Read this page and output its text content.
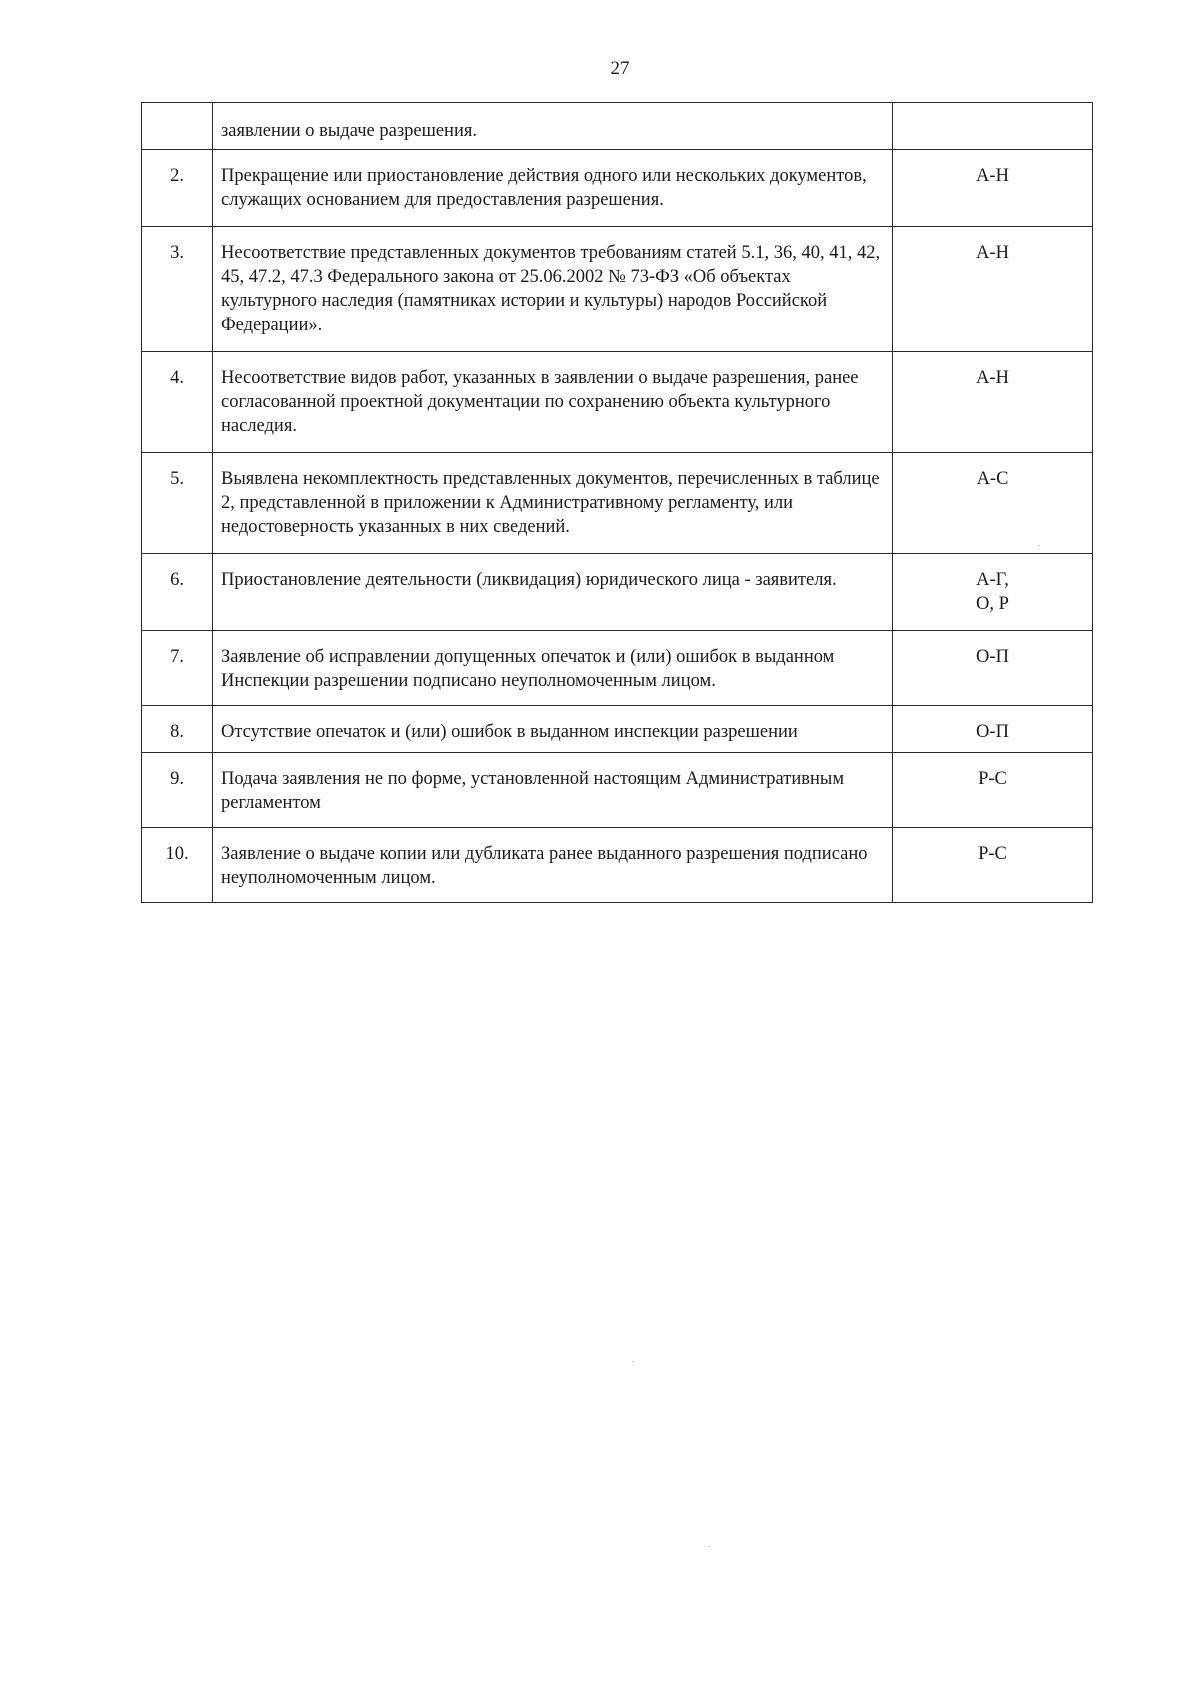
27
	заявлении о выдаче разрешения.	
2.	Прекращение или приостановление действия одного или нескольких документов, служащих основанием для предоставления разрешения.	А-Н
3.	Несоответствие представленных документов требованиям статей 5.1, 36, 40, 41, 42, 45, 47.2, 47.3 Федерального закона от 25.06.2002 № 73-ФЗ «Об объектах культурного наследия (памятниках истории и культуры) народов Российской Федерации».	А-Н
4.	Несоответствие видов работ, указанных в заявлении о выдаче разрешения, ранее согласованной проектной документации по сохранению объекта культурного наследия.	А-Н
5.	Выявлена некомплектность представленных документов, перечисленных в таблице 2, представленной в приложении к Административному регламенту, или недостоверность указанных в них сведений.	А-С
6.	Приостановление деятельности (ликвидация) юридического лица - заявителя.	А-Г,
О, Р
7.	Заявление об исправлении допущенных опечаток и (или) ошибок в выданном Инспекции разрешении подписано неуполномоченным лицом.	О-П
8.	Отсутствие опечаток и (или) ошибок в выданном инспекции разрешении	О-П
9.	Подача заявления не по форме, установленной настоящим Административным регламентом	Р-С
10.	Заявление о выдаче копии или дубликата ранее выданного разрешения подписано неуполномоченным лицом.	Р-С
